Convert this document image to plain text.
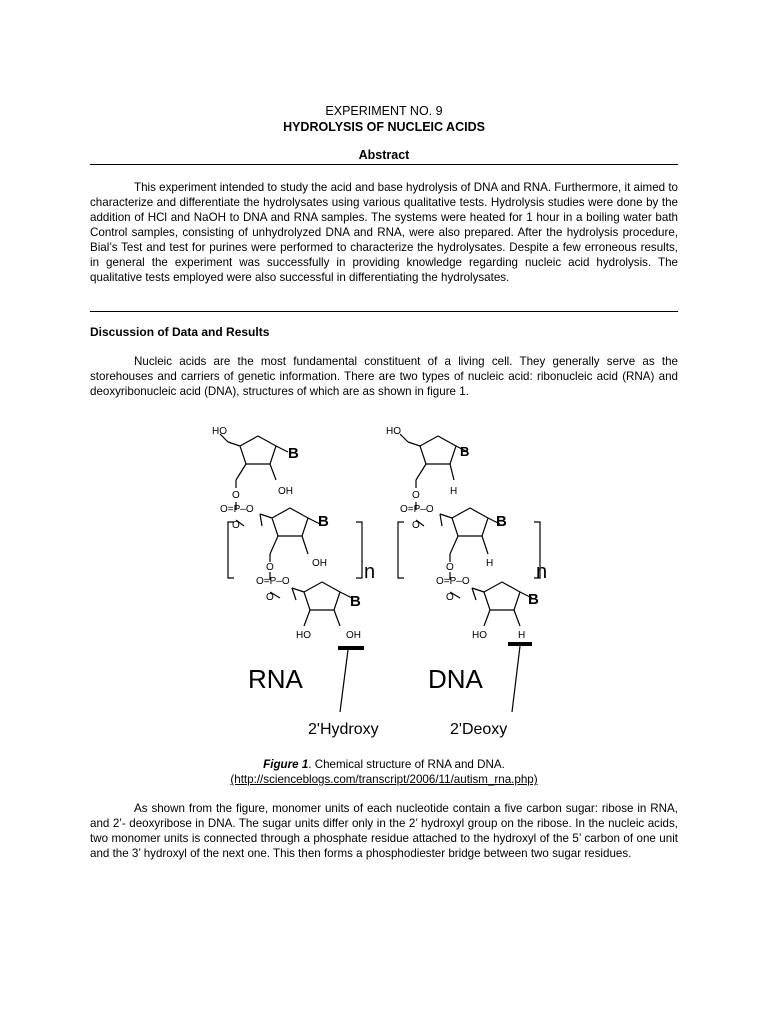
EXPERIMENT NO. 9
HYDROLYSIS OF NUCLEIC ACIDS
Abstract
This experiment intended to study the acid and base hydrolysis of DNA and RNA. Furthermore, it aimed to characterize and differentiate the hydrolysates using various qualitative tests. Hydrolysis studies were done by the addition of HCl and NaOH to DNA and RNA samples. The systems were heated for 1 hour in a boiling water bath Control samples, consisting of unhydrolyzed DNA and RNA, were also prepared. After the hydrolysis procedure, Bial’s Test and test for purines were performed to characterize the hydrolysates. Despite a few erroneous results, in general the experiment was successfully in providing knowledge regarding nucleic acid hydrolysis. The qualitative tests employed were also successful in differentiating the hydrolysates.
Discussion of Data and Results
Nucleic acids are the most fundamental constituent of a living cell. They generally serve as the storehouses and carriers of genetic information. There are two types of nucleic acid: ribonucleic acid (RNA) and deoxyribonucleic acid (DNA), structures of which are as shown in figure 1.
HO
B
OH
O
O=P–O
O	B
OH
O
O=P–O
O
n
B
HO	OH
RNA
2'Hydroxy
HO
B
H
O
O=P–O
O	B
H
O
O=P–O
O
n
B
HO	H
DNA
2'Deoxy
Figure 1. Chemical structure of RNA and DNA.
(http://scienceblogs.com/transcript/2006/11/autism_rna.php)
As shown from the figure, monomer units of each nucleotide contain a five carbon sugar: ribose in RNA, and 2’- deoxyribose in DNA. The sugar units differ only in the 2’ hydroxyl group on the ribose. In the nucleic acids, two monomer units is connected through a phosphate residue attached to the hydroxyl of the 5’ carbon of one unit and the 3’ hydroxyl of the next one. This then forms a phosphodiester bridge between two sugar residues.
